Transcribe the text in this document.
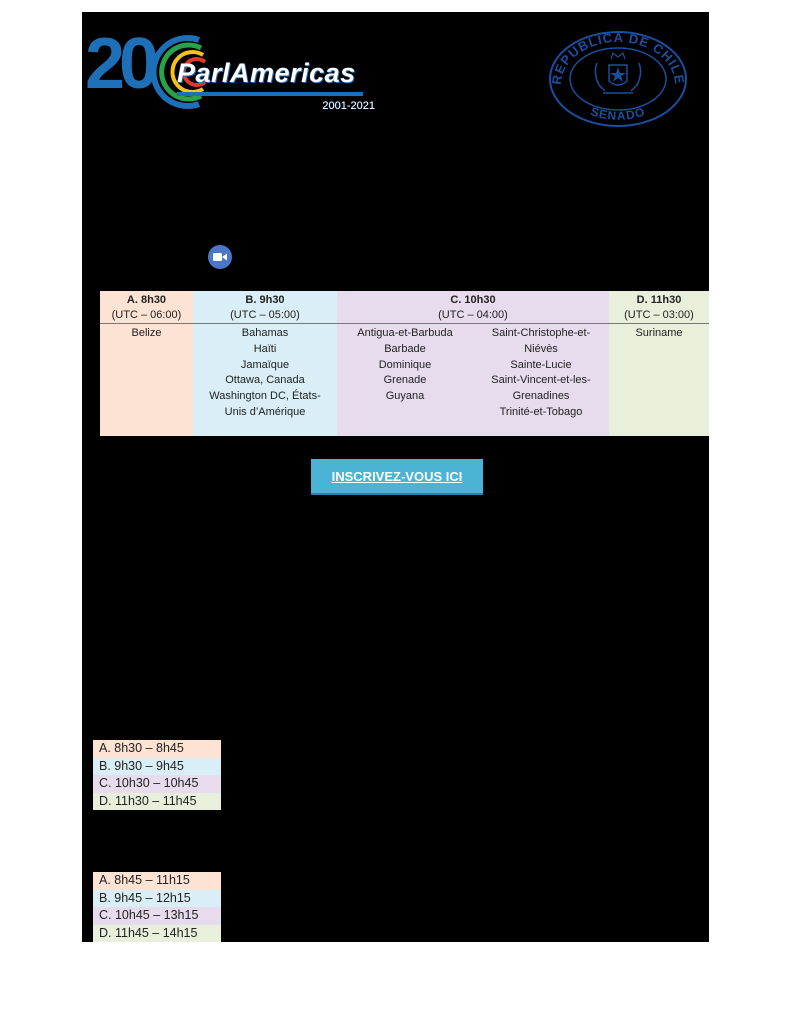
20 ParlAmericas
2001-2021
REPUBLICA DE CHILE
SENADO
A. 8h30
(UTC – 06:00)
Belize
B. 9h30
(UTC – 05:00)
Bahamas
Haïti
Jamaïque
Ottawa, Canada
Washington DC, États-
Unis d’Amérique
C. 10h30
(UTC – 04:00)
Antigua-et-Barbuda
Barbade
Dominique
Grenade
Guyana
Saint-Christophe-et-
Niévès
Sainte-Lucie
Saint-Vincent-et-les-
Grenadines
Trinité-et-Tobago
D. 11h30
(UTC – 03:00)
Suriname
INSCRIVEZ-VOUS ICI
A. 8h30 – 8h45
B. 9h30 – 9h45
C. 10h30 – 10h45
D. 11h30 – 11h45
A. 8h45 – 11h15
B. 9h45 – 12h15
C. 10h45 – 13h15
D. 11h45 – 14h15
